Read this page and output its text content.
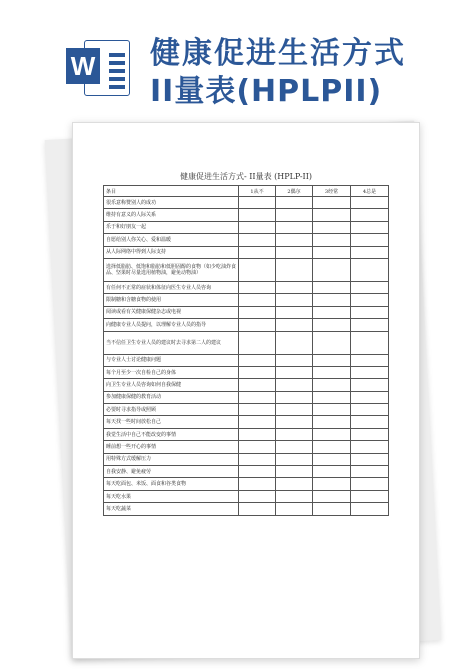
W 健康促进生活方式
II量表(HPLPII)
健康促进生活方式- II量表 (HPLP-II)
条目	1从不	2偶尔	3经常	4总是
很乐意称赞别人的成功				
维持有意义的人际关系				
乐于和好朋友一起				
自愿给别人你关心、爱和温暖				
从人际网络中得到人际支持				
选择低脂肪、低饱和脂肪和低胆固醇的食物（如少吃油炸食品、坚果时尽量选用植物油，避免动物油）				
有任何不正常的症状和体征向医生专业人员咨询				
限制糖和含糖食物的使用				
阅读或看有关健康保健杂志或电视				
向健康专业人员提问，以理解专业人员的指导				
当不信任卫生专业人员的建议时去寻求第二人的建议				
与专业人士讨论健康问题				
每个月至少一次自检自己的身体				
向卫生专业人员咨询如何自我保健				
参加健康保健的教育活动				
必要时寻求指导或照顾				
每天找一些时间放松自己				
我觉生活中自己不能改变的事情				
睡前想一些开心的事情				
用特殊方式缓解压力				
自我安静、避免疲劳				
每天吃面包、米饭、面食和谷类食物				
每天吃水果				
每天吃蔬菜				
